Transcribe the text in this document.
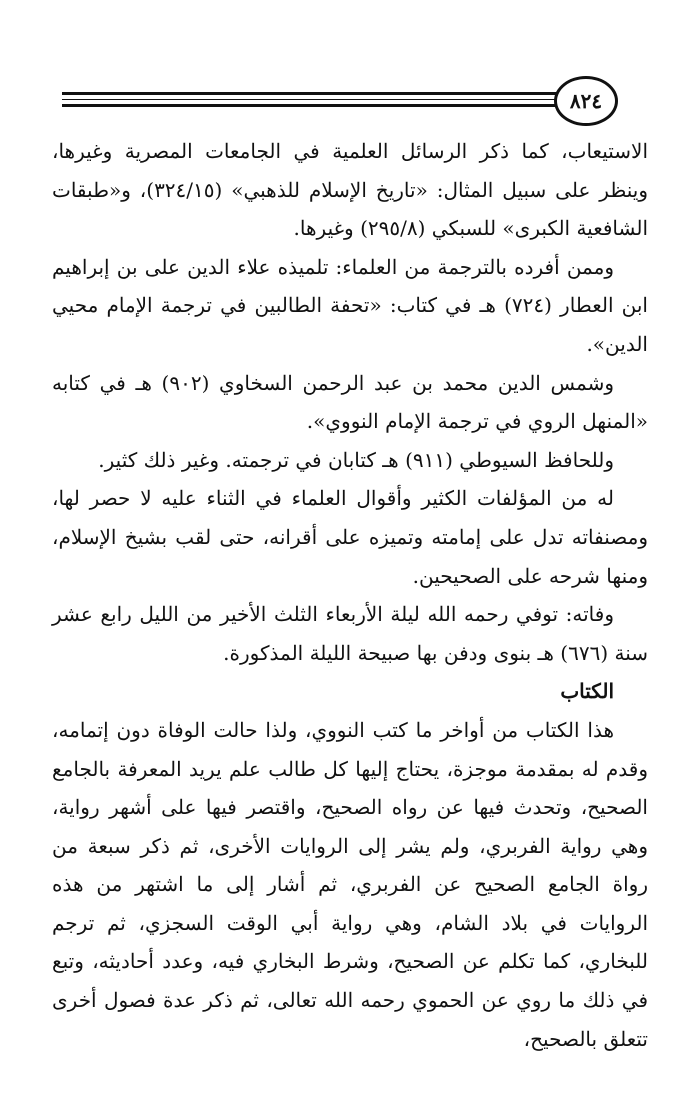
٨٢٤

الاستيعاب، كما ذكر الرسائل العلمية في الجامعات المصرية وغيرها، وينظر على سبيل المثال: «تاريخ الإسلام للذهبي» (٣٢٤/١٥)، و«طبقات الشافعية الكبرى» للسبكي (٢٩٥/٨) وغيرها.

وممن أفرده بالترجمة من العلماء: تلميذه علاء الدين على بن إبراهيم ابن العطار (٧٢٤) هـ في كتاب: «تحفة الطالبين في ترجمة الإمام محيي الدين».

وشمس الدين محمد بن عبد الرحمن السخاوي (٩٠٢) هـ في كتابه «المنهل الروي في ترجمة الإمام النووي».

وللحافظ السيوطي (٩١١) هـ كتابان في ترجمته. وغير ذلك كثير.

له من المؤلفات الكثير وأقوال العلماء في الثناء عليه لا حصر لها، ومصنفاته تدل على إمامته وتميزه على أقرانه، حتى لقب بشيخ الإسلام، ومنها شرحه على الصحيحين.

وفاته: توفي رحمه الله ليلة الأربعاء الثلث الأخير من الليل رابع عشر سنة (٦٧٦) هـ بنوى ودفن بها صبيحة الليلة المذكورة.

الكتاب

هذا الكتاب من أواخر ما كتب النووي، ولذا حالت الوفاة دون إتمامه، وقدم له بمقدمة موجزة، يحتاج إليها كل طالب علم يريد المعرفة بالجامع الصحيح، وتحدث فيها عن رواه الصحيح، واقتصر فيها على أشهر رواية، وهي رواية الفربري، ولم يشر إلى الروايات الأخرى، ثم ذكر سبعة من رواة الجامع الصحيح عن الفربري، ثم أشار إلى ما اشتهر من هذه الروايات في بلاد الشام، وهي رواية أبي الوقت السجزي، ثم ترجم للبخاري، كما تكلم عن الصحيح، وشرط البخاري فيه، وعدد أحاديثه، وتبع في ذلك ما روي عن الحموي رحمه الله تعالى، ثم ذكر عدة فصول أخرى تتعلق بالصحيح،
